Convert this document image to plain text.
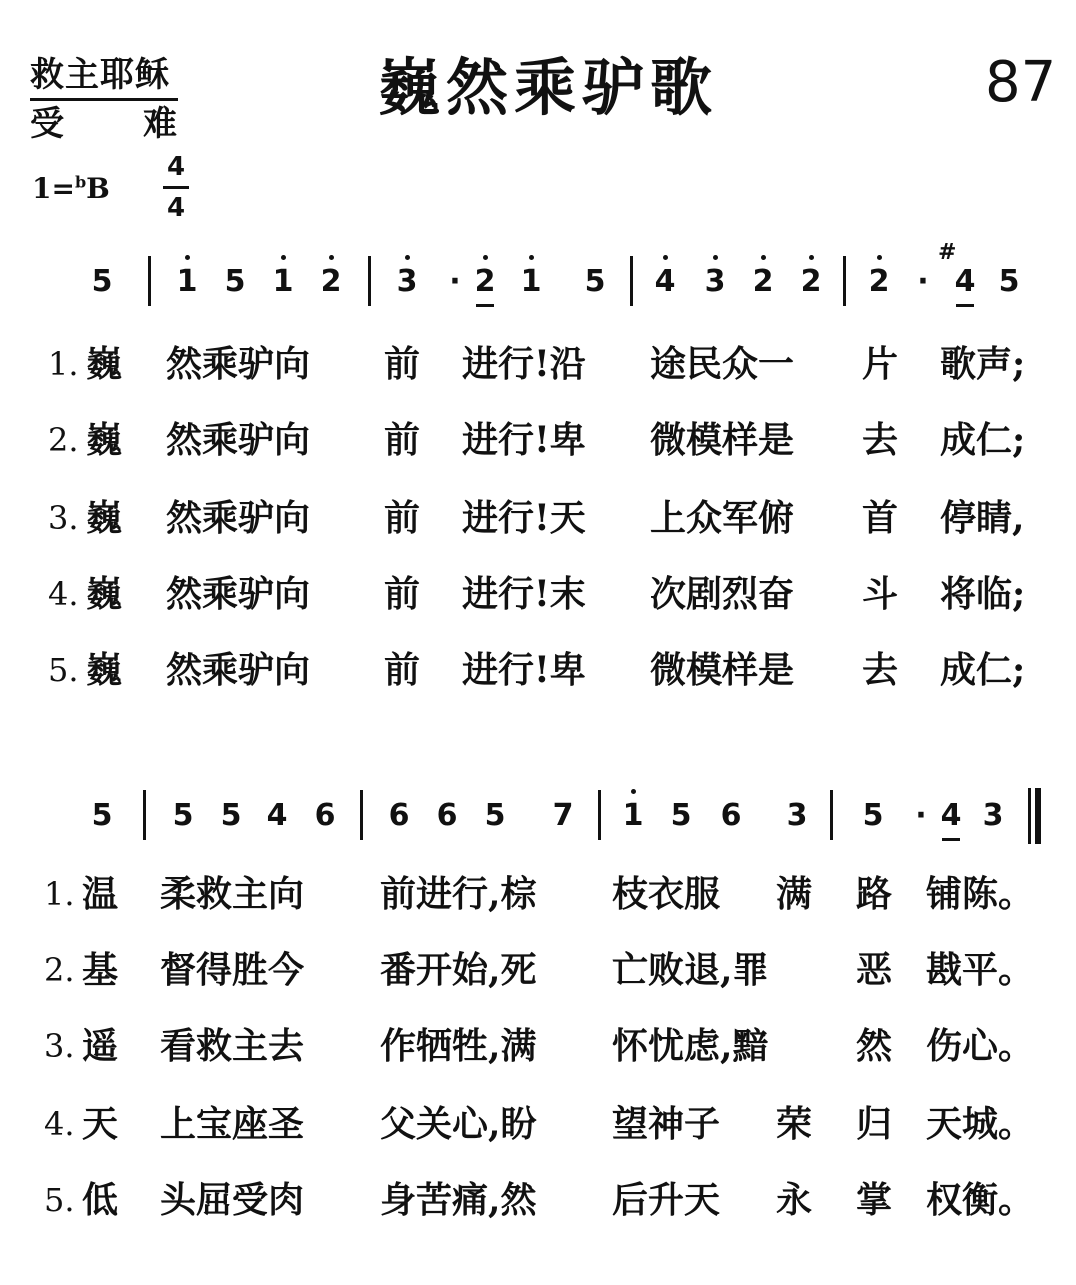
救主耶稣
受 难	巍然乘驴歌	87
1=$^b$B
4
4
5 1 5 1 2 3	· 2 1 5 4 3 2 2 2 · 4
#
5
1. 巍 然乘驴向 前 进行!沿 途民众一 片 歌声;
2. 巍 然乘驴向 前 进行!卑 微模样是 去 成仁;
3. 巍 然乘驴向 前 进行!天 上众军俯 首 停睛,
4. 巍 然乘驴向 前 进行!末 次剧烈奋 斗 将临;
5. 巍 然乘驴向 前 进行!卑 微模样是 去 成仁;
5 5 5 4 6 6 6 5 7 1 5 6 3 5	· 4 3
1. 温 柔救主向 前进行,棕 枝衣服 满 路 铺陈。
2. 基 督得胜今 番开始,死 亡败退,罪 恶 戡平。
3. 遥 看救主去 作牺牲,满 怀忧虑,黯 然 伤心。
4. 天 上宝座圣 父关心,盼 望神子 荣 归 天城。
5. 低 头屈受肉 身苦痛,然 后升天 永 掌 权衡。
